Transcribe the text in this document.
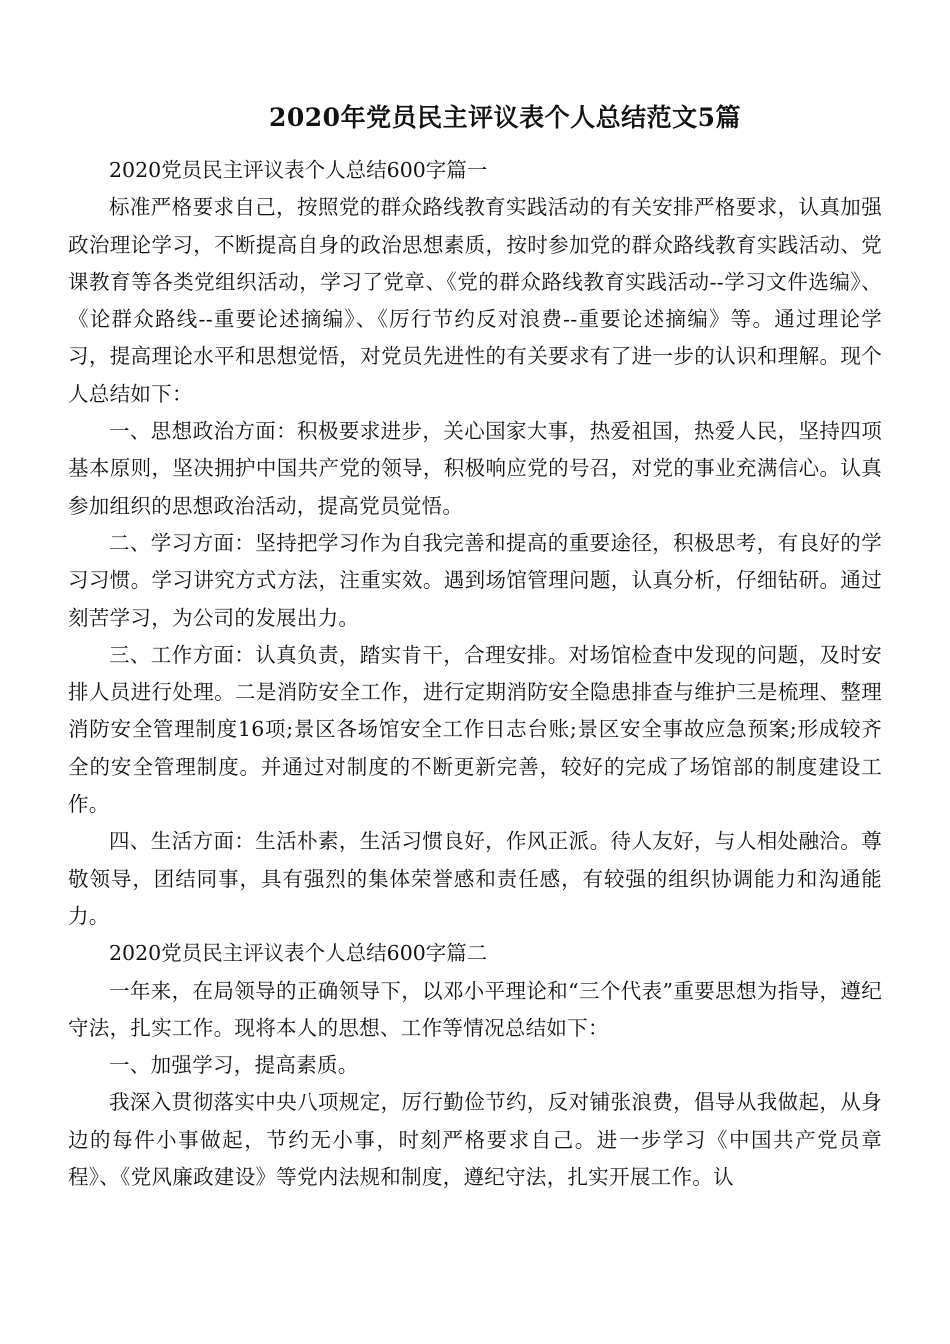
2020年党员民主评议表个人总结范文5篇

2020党员民主评议表个人总结600字篇一

标准严格要求自己，按照党的群众路线教育实践活动的有关安排严格要求，认真加强政治理论学习，不断提高自身的政治思想素质，按时参加党的群众路线教育实践活动、党课教育等各类党组织活动，学习了党章、《党的群众路线教育实践活动--学习文件选编》、《论群众路线--重要论述摘编》、《厉行节约反对浪费--重要论述摘编》等。通过理论学习，提高理论水平和思想觉悟，对党员先进性的有关要求有了进一步的认识和理解。现个人总结如下：

一、思想政治方面：积极要求进步，关心国家大事，热爱祖国，热爱人民，坚持四项基本原则，坚决拥护中国共产党的领导，积极响应党的号召，对党的事业充满信心。认真参加组织的思想政治活动，提高党员觉悟。

二、学习方面：坚持把学习作为自我完善和提高的重要途径，积极思考，有良好的学习习惯。学习讲究方式方法，注重实效。遇到场馆管理问题，认真分析，仔细钻研。通过刻苦学习，为公司的发展出力。

三、工作方面：认真负责，踏实肯干，合理安排。对场馆检查中发现的问题，及时安排人员进行处理。二是消防安全工作，进行定期消防安全隐患排查与维护三是梳理、整理消防安全管理制度16项;景区各场馆安全工作日志台账;景区安全事故应急预案;形成较齐全的安全管理制度。并通过对制度的不断更新完善，较好的完成了场馆部的制度建设工作。

四、生活方面：生活朴素，生活习惯良好，作风正派。待人友好，与人相处融洽。尊敬领导，团结同事，具有强烈的集体荣誉感和责任感，有较强的组织协调能力和沟通能力。

2020党员民主评议表个人总结600字篇二

一年来，在局领导的正确领导下，以邓小平理论和“三个代表”重要思想为指导，遵纪守法，扎实工作。现将本人的思想、工作等情况总结如下：

一、加强学习，提高素质。

我深入贯彻落实中央八项规定，厉行勤俭节约，反对铺张浪费，倡导从我做起，从身边的每件小事做起，节约无小事，时刻严格要求自己。进一步学习《中国共产党员章程》、《党风廉政建设》等党内法规和制度，遵纪守法，扎实开展工作。认
